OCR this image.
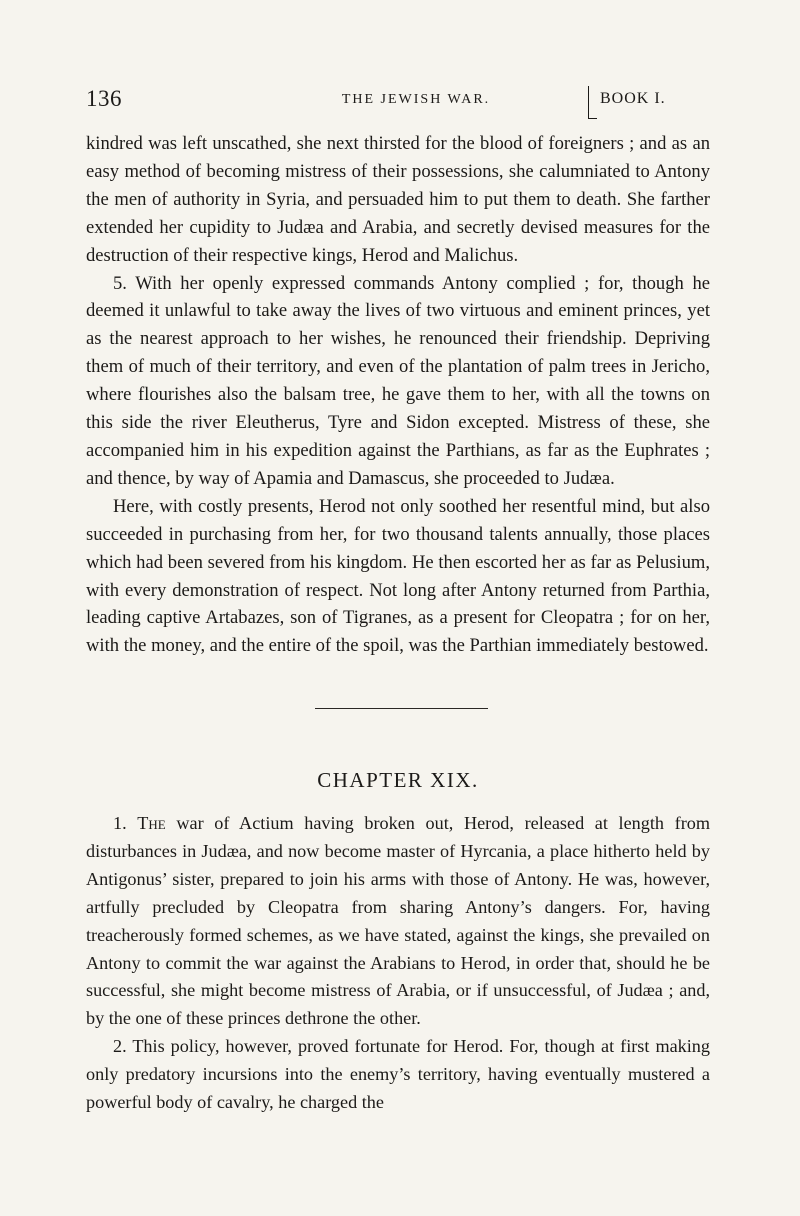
136	THE JEWISH WAR.	BOOK I.

kindred was left unscathed, she next thirsted for the blood of foreigners ; and as an easy method of becoming mistress of their possessions, she calumniated to Antony the men of authority in Syria, and persuaded him to put them to death. She farther extended her cupidity to Judæa and Arabia, and secretly devised measures for the destruction of their respective kings, Herod and Malichus.

5. With her openly expressed commands Antony complied ; for, though he deemed it unlawful to take away the lives of two virtuous and eminent princes, yet as the nearest approach to her wishes, he renounced their friendship. Depriving them of much of their territory, and even of the plantation of palm trees in Jericho, where flourishes also the balsam tree, he gave them to her, with all the towns on this side the river Eleutherus, Tyre and Sidon excepted. Mistress of these, she accompanied him in his expedition against the Parthians, as far as the Euphrates ; and thence, by way of Apamia and Damascus, she proceeded to Judæa.

Here, with costly presents, Herod not only soothed her resentful mind, but also succeeded in purchasing from her, for two thousand talents annually, those places which had been severed from his kingdom. He then escorted her as far as Pelusium, with every demonstration of respect. Not long after Antony returned from Parthia, leading captive Artabazes, son of Tigranes, as a present for Cleopatra ; for on her, with the money, and the entire of the spoil, was the Parthian immediately bestowed.

CHAPTER XIX.

1. The war of Actium having broken out, Herod, released at length from disturbances in Judæa, and now become master of Hyrcania, a place hitherto held by Antigonus’ sister, prepared to join his arms with those of Antony. He was, however, artfully precluded by Cleopatra from sharing Antony’s dangers. For, having treacherously formed schemes, as we have stated, against the kings, she prevailed on Antony to commit the war against the Arabians to Herod, in order that, should he be successful, she might become mistress of Arabia, or if unsuccessful, of Judæa ; and, by the one of these princes dethrone the other.

2. This policy, however, proved fortunate for Herod. For, though at first making only predatory incursions into the enemy’s territory, having eventually mustered a powerful body of cavalry, he charged the
